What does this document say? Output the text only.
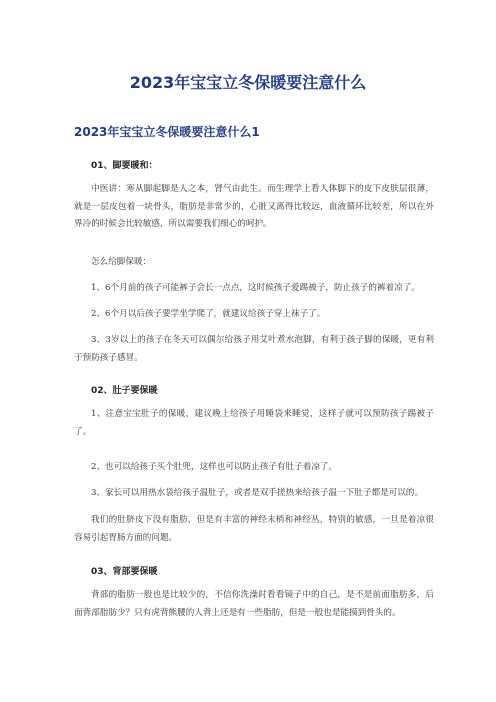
2023年宝宝立冬保暖要注意什么
2023年宝宝立冬保暖要注意什么1
01、脚要暖和：
中医讲：寒从脚起脚是人之本，肾气由此生。而生理学上看人体脚下的皮下皮肤层很薄，就是一层皮包着一块骨头，脂肪是非常少的，心脏又离得比较远，血液循环比较差，所以在外界冷的时候会比较敏感，所以需要我们细心的呵护。
怎么给脚保暖：
1、6个月前的孩子可能裤子会长一点点，这时候孩子爱踢被子，防止孩子的裤着凉了。
2、6个月以后孩子要学坐学爬了，就建议给孩子穿上袜子了。
3、3岁以上的孩子在冬天可以偶尔给孩子用艾叶煮水泡脚，有利于孩子脚的保暖，更有利于预防孩子感冒。
02、肚子要保暖
1、注意宝宝肚子的保暖，建议晚上给孩子用睡袋来睡觉，这样子就可以预防孩子踢被子了。
2、也可以给孩子买个肚兜，这样也可以防止孩子有肚子着凉了。
3、家长可以用热水袋给孩子温肚子，或者是双手搓热来给孩子温一下肚子都是可以的。
我们的肚脐皮下没有脂肪，但是有丰富的神经末梢和神经丛，特别的敏感，一旦是着凉很容易引起胃肠方面的问题。
03、背部要保暖
背部的脂肪一般也是比较少的，不信你洗澡时看看镜子中的自己，是不是前面脂肪多，后面背部脂肪少？只有虎背熊腰的人背上还是有一些脂肪，但是一般也是能摸到骨头的。
